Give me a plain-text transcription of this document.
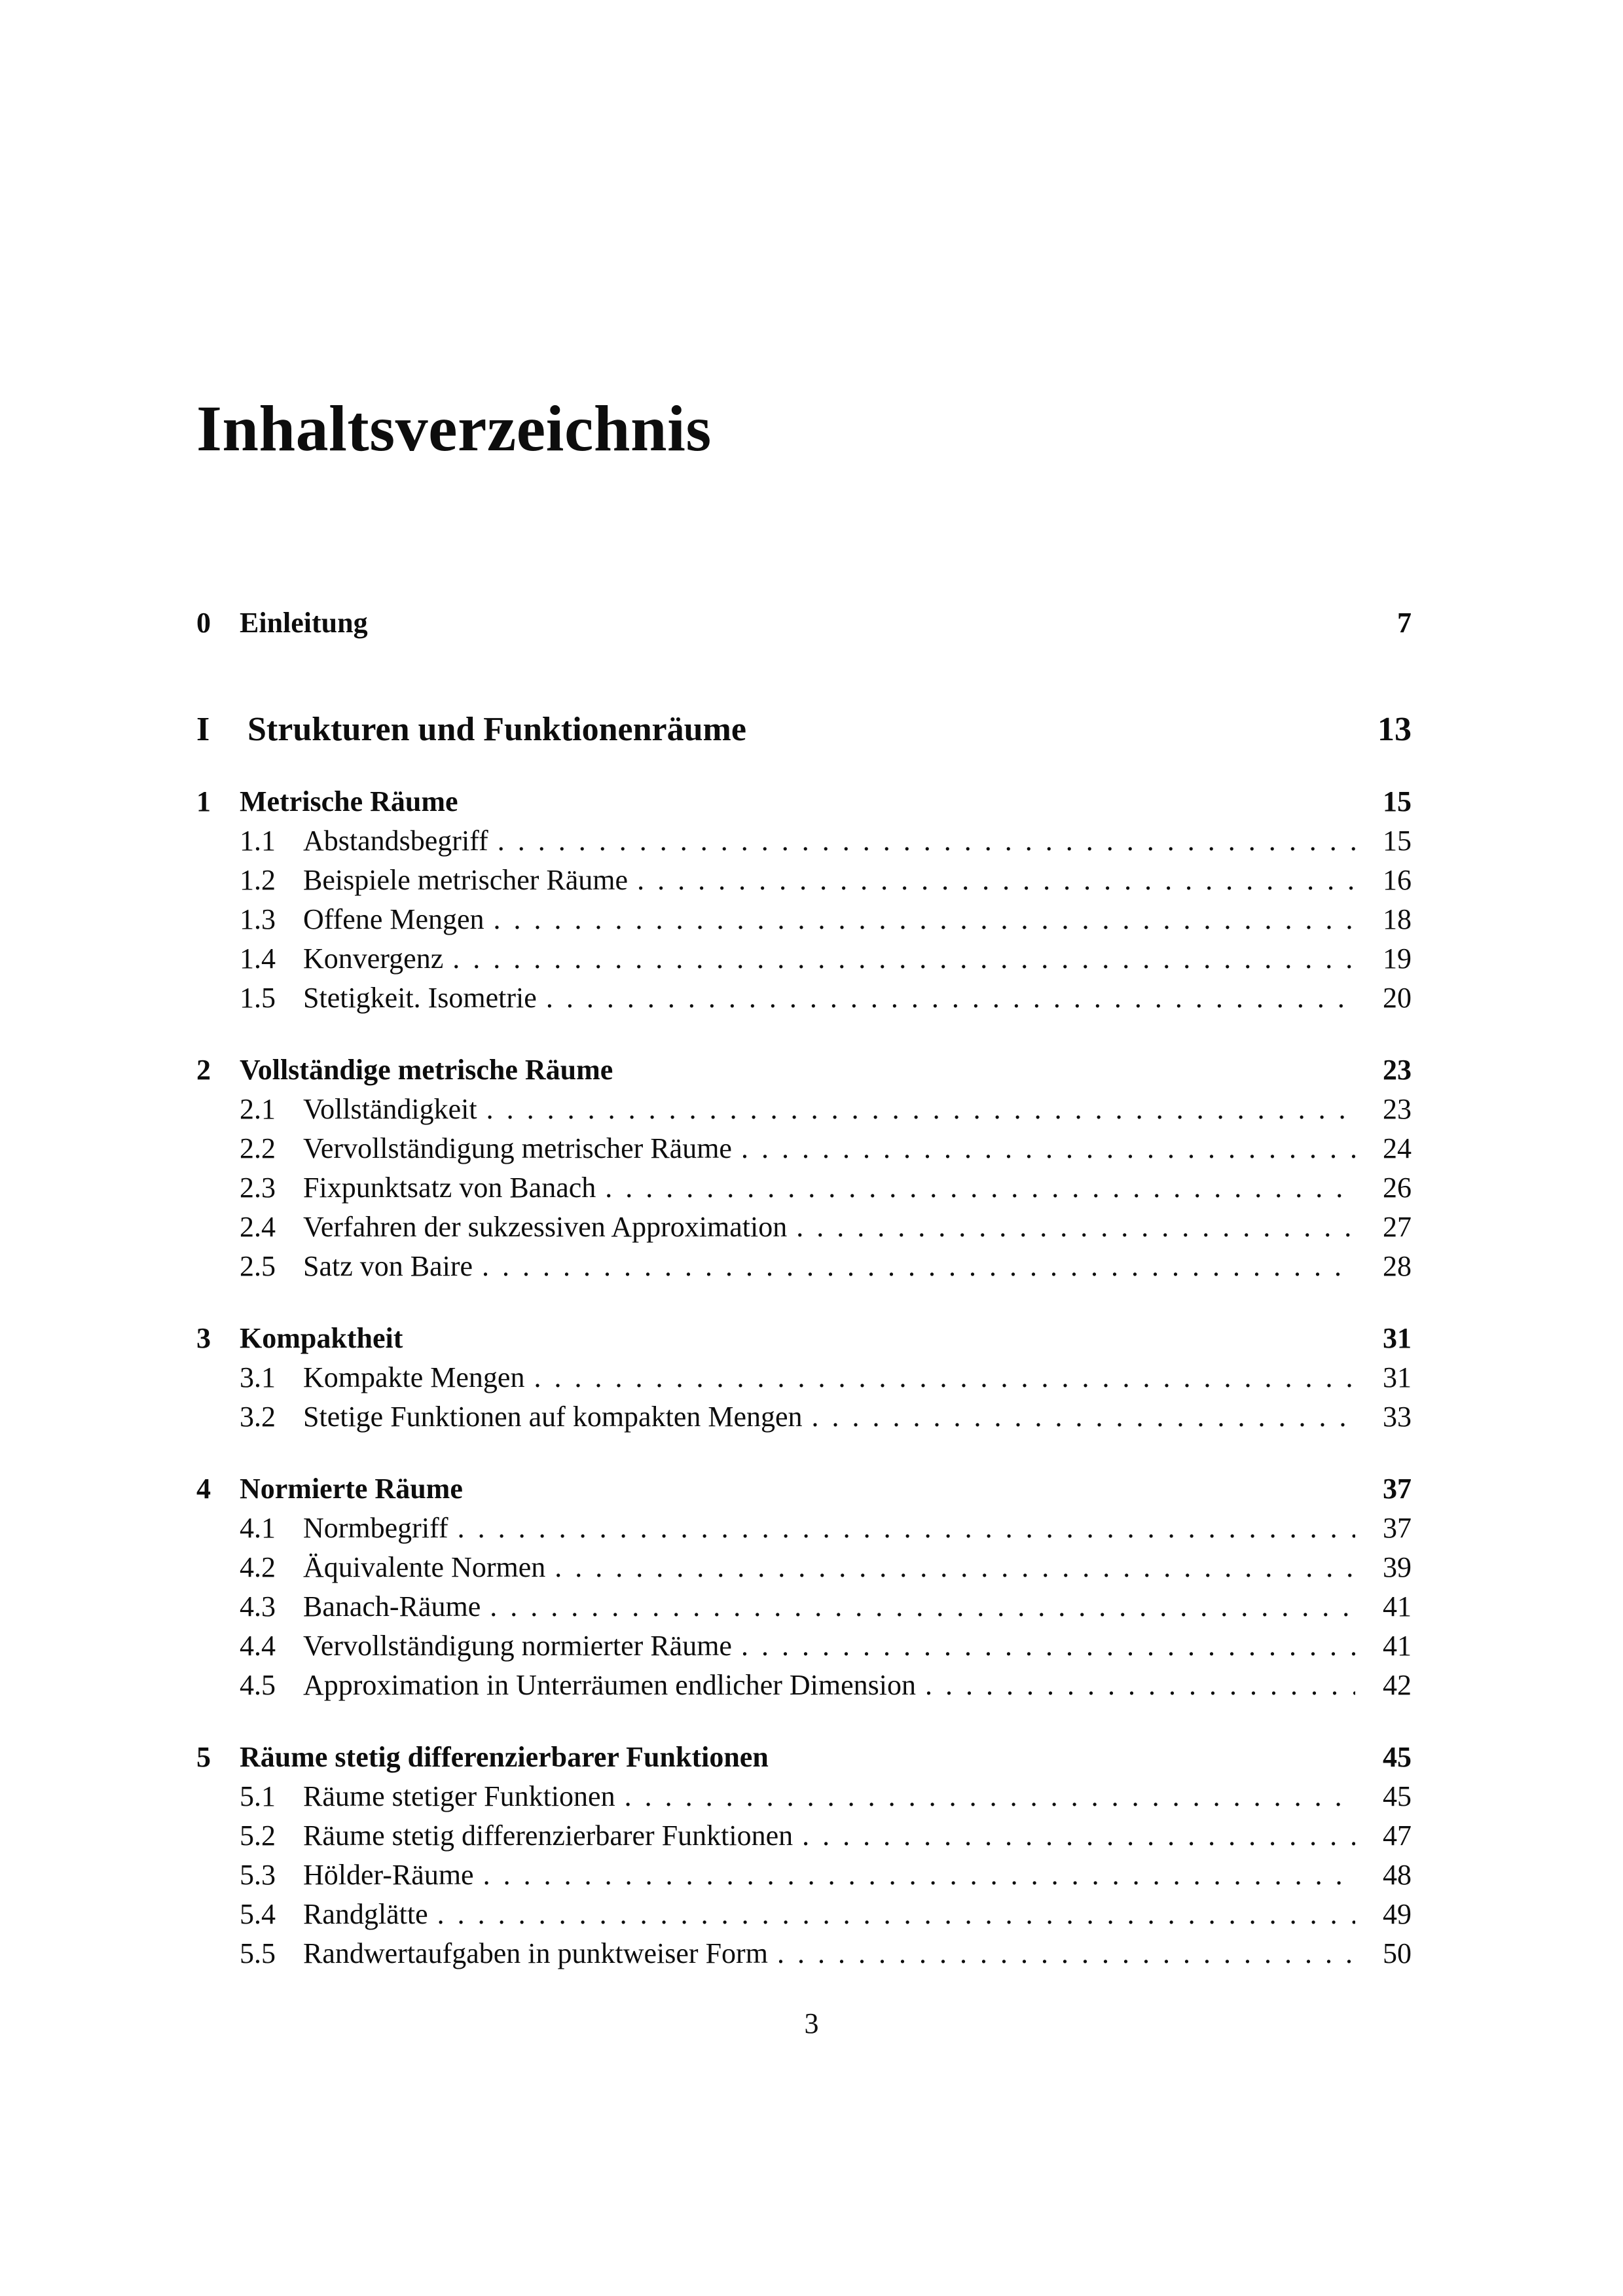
Inhaltsverzeichnis
0	Einleitung	7
I	Strukturen und Funktionenräume	13
1	Metrische Räume	15
1.1 Abstandsbegriff .....	15
1.2 Beispiele metrischer Räume .....	16
1.3 Offene Mengen .....	18
1.4 Konvergenz .....	19
1.5 Stetigkeit. Isometrie .....	20
2	Vollständige metrische Räume	23
2.1 Vollständigkeit .....	23
2.2 Vervollständigung metrischer Räume .....	24
2.3 Fixpunktsatz von Banach .....	26
2.4 Verfahren der sukzessiven Approximation .....	27
2.5 Satz von Baire .....	28
3	Kompaktheit	31
3.1 Kompakte Mengen .....	31
3.2 Stetige Funktionen auf kompakten Mengen .....	33
4	Normierte Räume	37
4.1 Normbegriff .....	37
4.2 Äquivalente Normen .....	39
4.3 Banach-Räume .....	41
4.4 Vervollständigung normierter Räume .....	41
4.5 Approximation in Unterräumen endlicher Dimension .....	42
5	Räume stetig differenzierbarer Funktionen	45
5.1 Räume stetiger Funktionen .....	45
5.2 Räume stetig differenzierbarer Funktionen .....	47
5.3 Hölder-Räume .....	48
5.4 Randglätte .....	49
5.5 Randwertaufgaben in punktweiser Form .....	50
3
